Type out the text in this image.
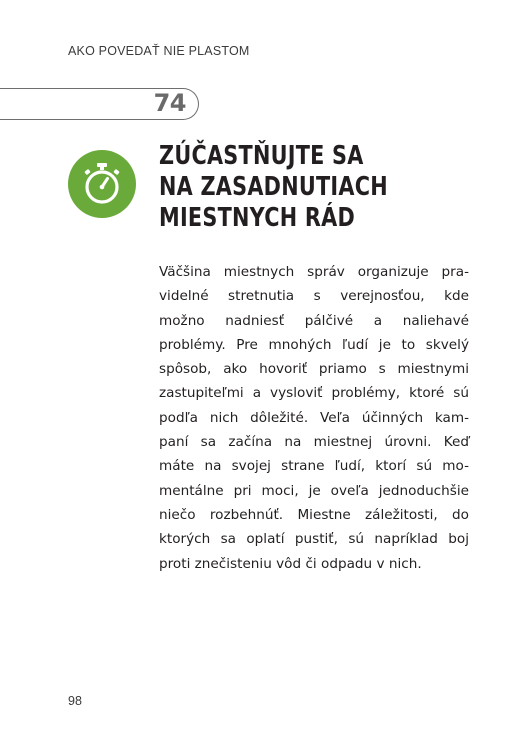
AKO POVEDAŤ NIE PLASTOM
74
ZÚČASTŇUJTE SA
NA ZASADNUTIACH
MIESTNYCH RÁD
Väčšina miestnych správ organizuje pra-
videlné stretnutia s verejnosťou, kde
možno nadniesť pálčivé a naliehavé
problémy. Pre mnohých ľudí je to skvelý
spôsob, ako hovoriť priamo s miestnymi
zastupiteľmi a vysloviť problémy, ktoré sú
podľa nich dôležité. Veľa účinných kam-
paní sa začína na miestnej úrovni. Keď
máte na svojej strane ľudí, ktorí sú mo-
mentálne pri moci, je oveľa jednoduchšie
niečo rozbehnúť. Miestne záležitosti, do
ktorých sa oplatí pustiť, sú napríklad boj
proti znečisteniu vôd či odpadu v nich.
98
